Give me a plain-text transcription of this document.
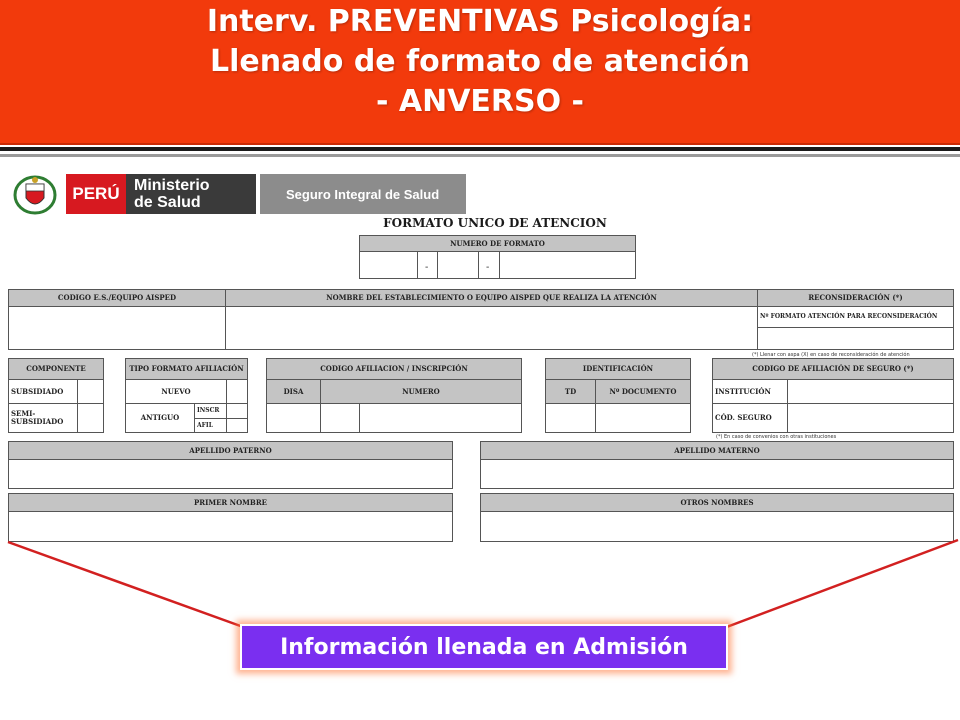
Interv. PREVENTIVAS Psicología:
Llenado de formato de atención
- ANVERSO -
PERÚ Ministerio
de Salud	Seguro Integral de Salud
FORMATO UNICO DE ATENCION
NUMERO DE FORMATO
-	-
CODIGO E.S./EQUIPO AISPED	NOMBRE DEL ESTABLECIMIENTO O EQUIPO AISPED QUE REALIZA LA ATENCIÓN	RECONSIDERACIÓN (*)
Nº FORMATO ATENCIÓN PARA RECONSIDERACIÓN
(*) Llenar con aspa (X) en caso de reconsideración de atención
COMPONENTE
SUBSIDIADO
SEMI-
SUBSIDIADO
TIPO FORMATO AFILIACIÓN
NUEVO
ANTIGUO
INSCR
AFIL
CODIGO AFILIACION / INSCRIPCIÓN
DISA	NUMERO
IDENTIFICACIÓN
TD	Nº DOCUMENTO
CODIGO DE AFILIACIÓN DE SEGURO (*)
INSTITUCIÓN
CÓD. SEGURO
(*) En caso de convenios con otras instituciones
APELLIDO PATERNO	APELLIDO MATERNO
PRIMER NOMBRE	OTROS NOMBRES
Información llenada en Admisión
